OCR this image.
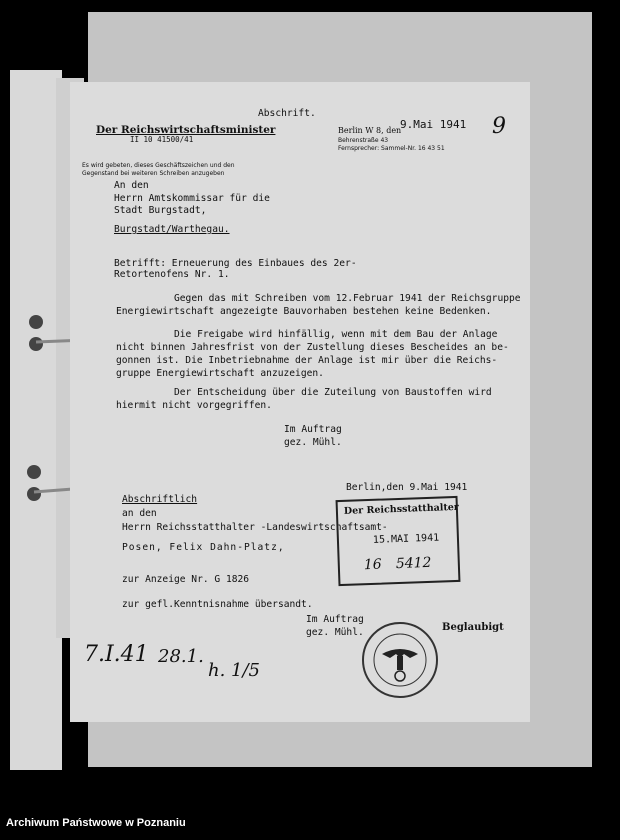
Abschrift.
Der Reichswirtschaftsminister
II 10 41500/41
Berlin W 8, den
9.Mai 1941
Behrenstraße 43
Fernsprecher: Sammel-Nr. 16 43 51
9
Es wird gebeten, dieses Geschäftszeichen und den
Gegenstand bei weiteren Schreiben anzugeben
An den
Herrn Amtskommissar für die
Stadt Burgstadt,
Burgstadt/Warthegau.
Betrifft: Erneuerung des Einbaues des 2er-
Retortenofens Nr. 1.
Gegen das mit Schreiben vom 12.Februar 1941 der Reichsgruppe
Energiewirtschaft angezeigte Bauvorhaben bestehen keine Bedenken.
Die Freigabe wird hinfällig, wenn mit dem Bau der Anlage
nicht binnen Jahresfrist von der Zustellung dieses Bescheides an be-
gonnen ist. Die Inbetriebnahme der Anlage ist mir über die Reichs-
gruppe Energiewirtschaft anzuzeigen.
Der Entscheidung über die Zuteilung von Baustoffen wird
hiermit nicht vorgegriffen.
Im Auftrag
gez. Mühl.
Berlin,den 9.Mai 1941
Abschriftlich
an den
Herrn Reichsstatthalter -Landeswirtschaftsamt-
Posen, Felix Dahn-Platz,
zur Anzeige Nr. G 1826
zur gefl.Kenntnisnahme übersandt.
Im Auftrag
gez. Mühl.	Beglaubigt
7.I.41 28.1.
h. 1/5
Der Reichsstatthalter
15.MAI 1941
16 5412
Archiwum Państwowe w Poznaniu
